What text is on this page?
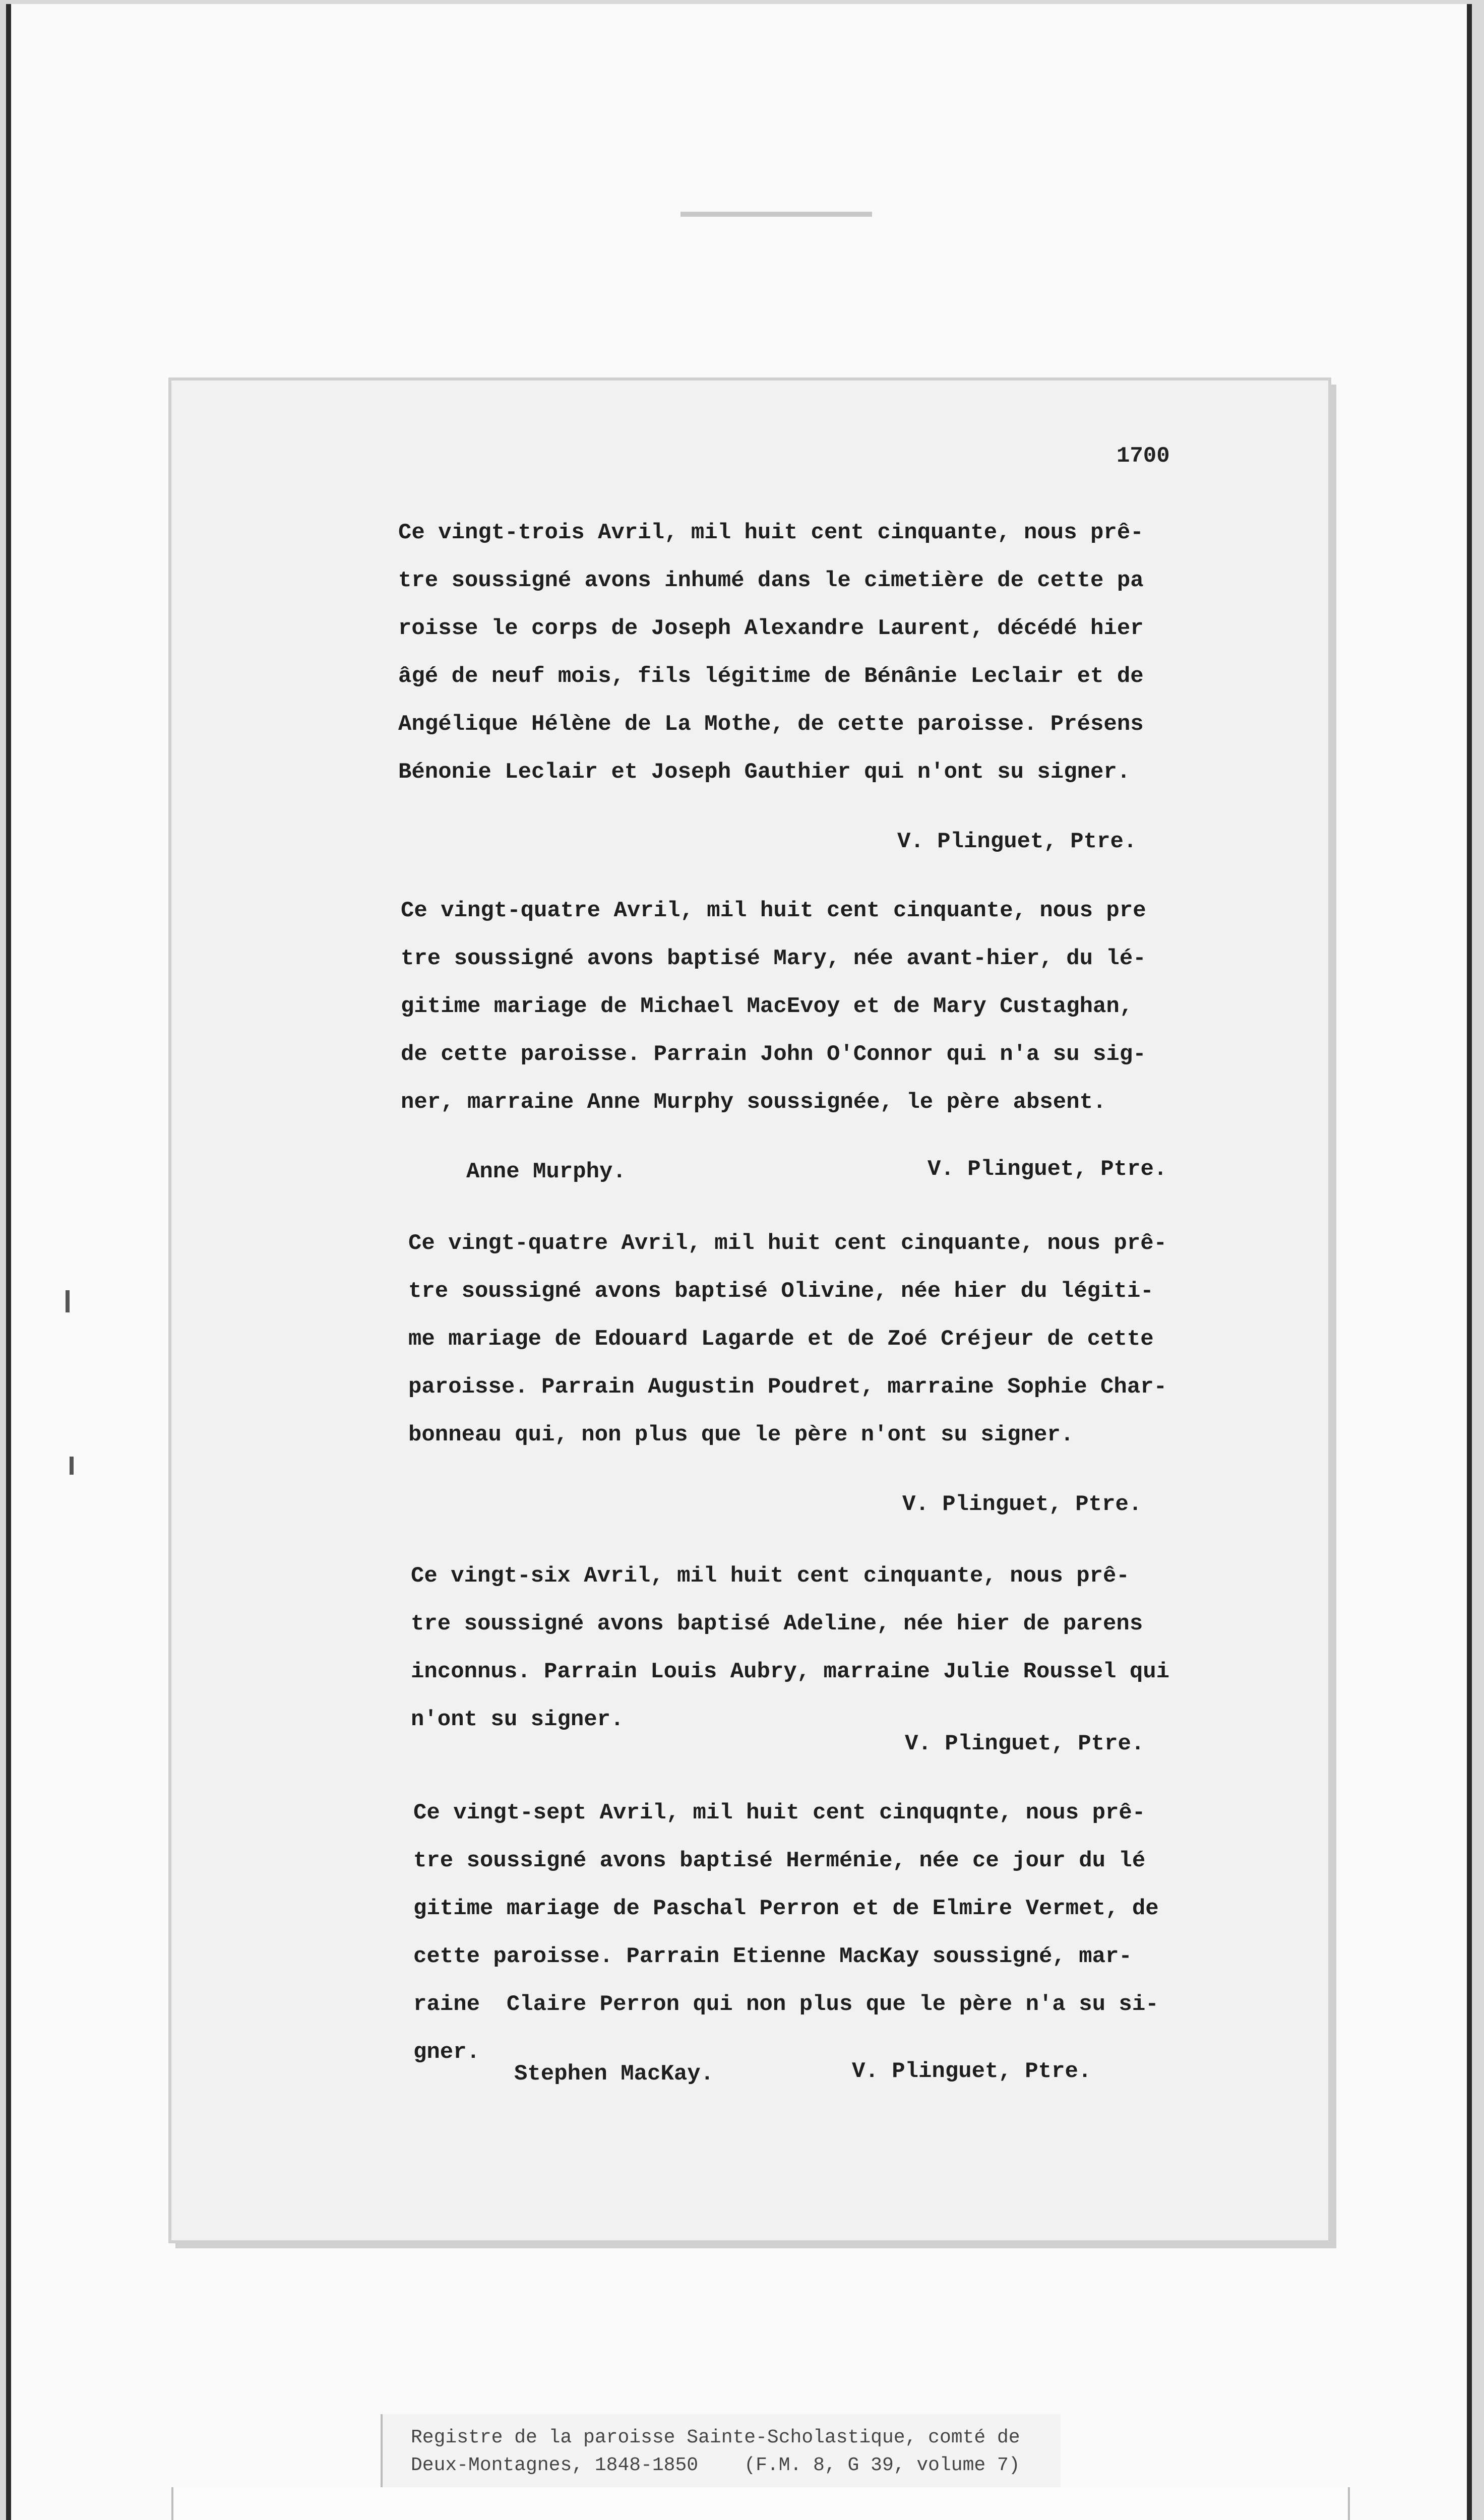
1700
Ce vingt-trois Avril, mil huit cent cinquante, nous prê-
tre soussigné avons inhumé dans le cimetière de cette pa
roisse le corps de Joseph Alexandre Laurent, décédé hier
âgé de neuf mois, fils légitime de Bénânie Leclair et de
Angélique Hélène de La Mothe, de cette paroisse. Présens
Bénonie Leclair et Joseph Gauthier qui n'ont su signer.
V. Plinguet, Ptre.
Ce vingt-quatre Avril, mil huit cent cinquante, nous pre
tre soussigné avons baptisé Mary, née avant-hier, du lé-
gitime mariage de Michael MacEvoy et de Mary Custaghan,
de cette paroisse. Parrain John O'Connor qui n'a su sig-
ner, marraine Anne Murphy soussignée, le père absent.
Anne Murphy.	V. Plinguet, Ptre.
Ce vingt-quatre Avril, mil huit cent cinquante, nous prê-
tre soussigné avons baptisé Olivine, née hier du légiti-
me mariage de Edouard Lagarde et de Zoé Créjeur de cette
paroisse. Parrain Augustin Poudret, marraine Sophie Char-
bonneau qui, non plus que le père n'ont su signer.
V. Plinguet, Ptre.
Ce vingt-six Avril, mil huit cent cinquante, nous prê-
tre soussigné avons baptisé Adeline, née hier de parens
inconnus. Parrain Louis Aubry, marraine Julie Roussel qui
n'ont su signer.
V. Plinguet, Ptre.
Ce vingt-sept Avril, mil huit cent cinquqnte, nous prê-
tre soussigné avons baptisé Herménie, née ce jour du lé
gitime mariage de Paschal Perron et de Elmire Vermet, de
cette paroisse. Parrain Etienne MacKay soussigné, mar-
raine  Claire Perron qui non plus que le père n'a su si-
gner.
Stephen MacKay.	V. Plinguet, Ptre.
Registre de la paroisse Sainte-Scholastique, comté de
Deux-Montagnes, 1848-1850    (F.M. 8, G 39, volume 7)
